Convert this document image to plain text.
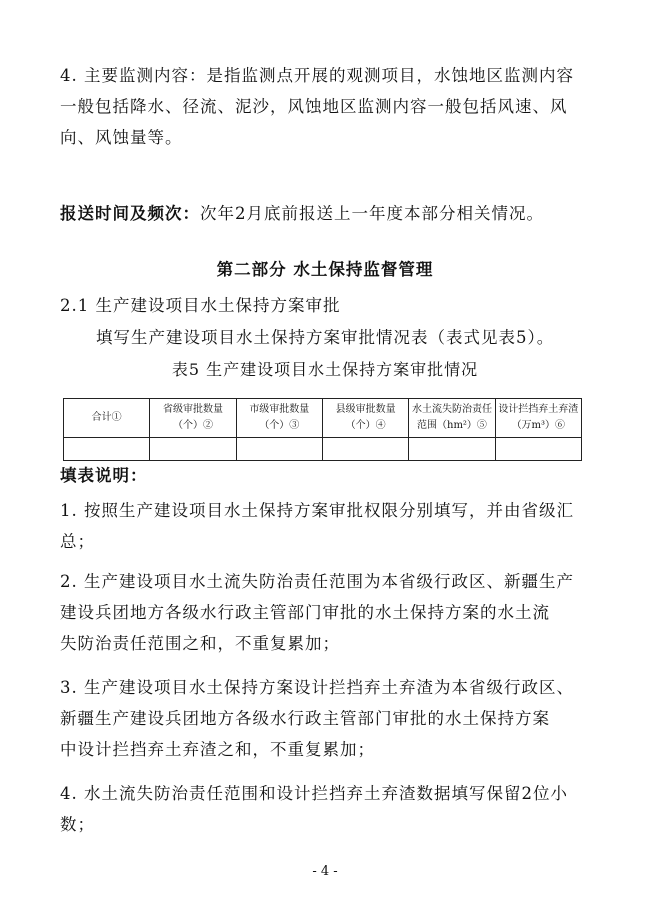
4. 主要监测内容：是指监测点开展的观测项目，水蚀地区监测内容
一般包括降水、径流、泥沙，风蚀地区监测内容一般包括风速、风
向、风蚀量等。
报送时间及频次：次年2月底前报送上一年度本部分相关情况。
第二部分 水土保持监督管理
2.1 生产建设项目水土保持方案审批
填写生产建设项目水土保持方案审批情况表（表式见表5）。
表5 生产建设项目水土保持方案审批情况
合计①	省级审批数量（个）②	市级审批数量（个）③	县级审批数量（个）④	水土流失防治责任范围（hm²）⑤	设计拦挡弃土弃渣（万m³）⑥

填表说明：
1. 按照生产建设项目水土保持方案审批权限分别填写，并由省级汇
总；
2. 生产建设项目水土流失防治责任范围为本省级行政区、新疆生产
建设兵团地方各级水行政主管部门审批的水土保持方案的水土流
失防治责任范围之和，不重复累加；
3. 生产建设项目水土保持方案设计拦挡弃土弃渣为本省级行政区、
新疆生产建设兵团地方各级水行政主管部门审批的水土保持方案
中设计拦挡弃土弃渣之和，不重复累加；
4. 水土流失防治责任范围和设计拦挡弃土弃渣数据填写保留2位小
数；
- 4 -
